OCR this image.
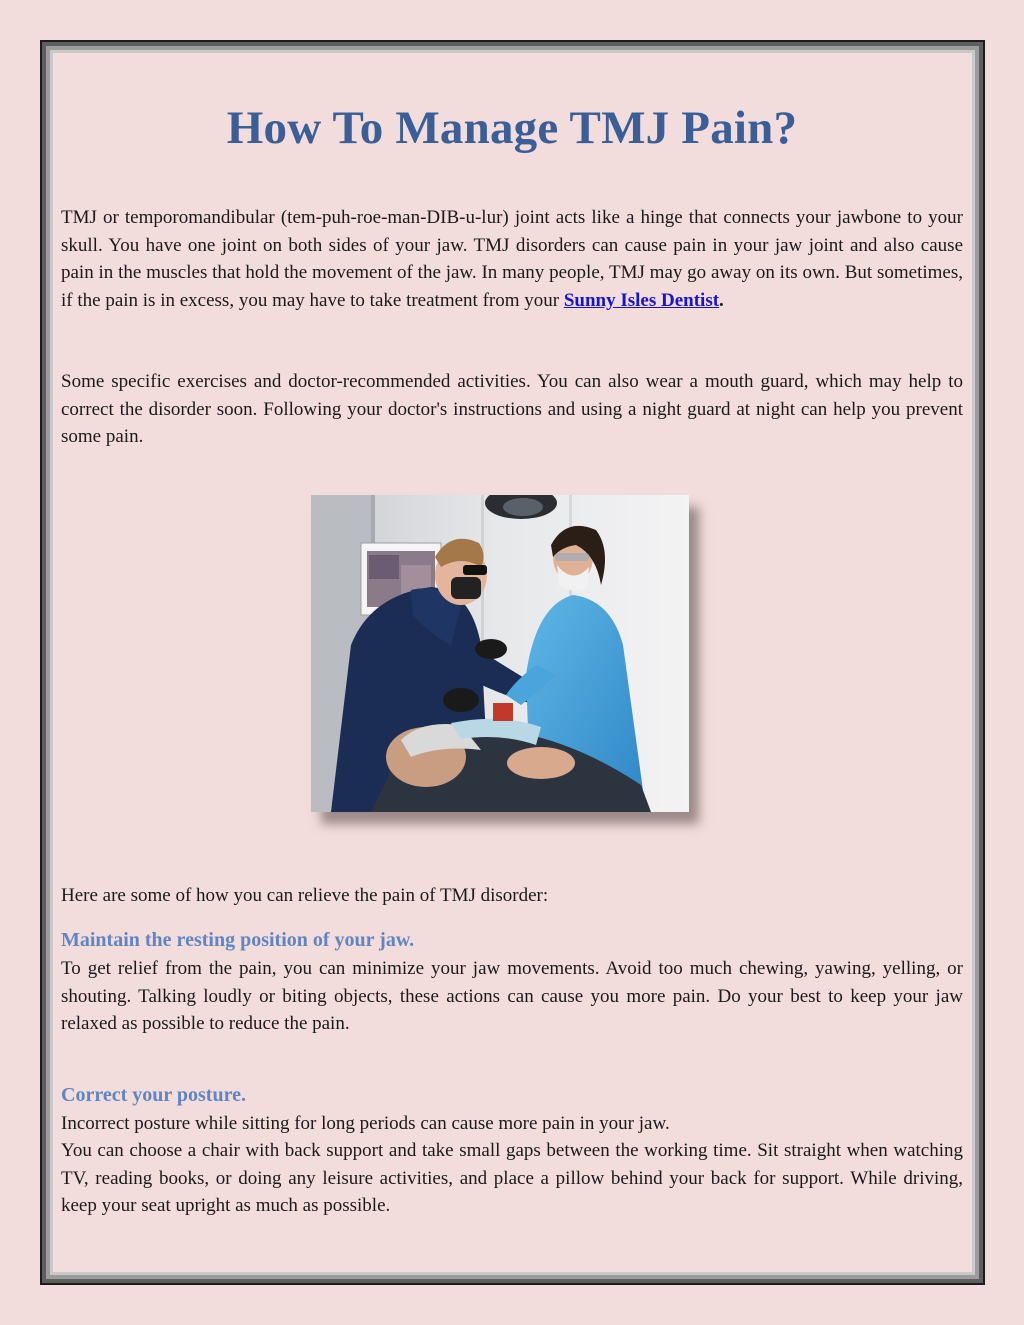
How To Manage TMJ Pain?

TMJ or temporomandibular (tem-puh-roe-man-DIB-u-lur) joint acts like a hinge that connects your jawbone to your skull. You have one joint on both sides of your jaw. TMJ disorders can cause pain in your jaw joint and also cause pain in the muscles that hold the movement of the jaw. In many people, TMJ may go away on its own. But sometimes, if the pain is in excess, you may have to take treatment from your Sunny Isles Dentist.

Some specific exercises and doctor-recommended activities. You can also wear a mouth guard, which may help to correct the disorder soon. Following your doctor's instructions and using a night guard at night can help you prevent some pain.

Here are some of how you can relieve the pain of TMJ disorder:
Maintain the resting position of your jaw.

To get relief from the pain, you can minimize your jaw movements. Avoid too much chewing, yawing, yelling, or shouting. Talking loudly or biting objects, these actions can cause you more pain. Do your best to keep your jaw relaxed as possible to reduce the pain.

Correct your posture.
Incorrect posture while sitting for long periods can cause more pain in your jaw.

You can choose a chair with back support and take small gaps between the working time. Sit straight when watching TV, reading books, or doing any leisure activities, and place a pillow behind your back for support. While driving, keep your seat upright as much as possible.
